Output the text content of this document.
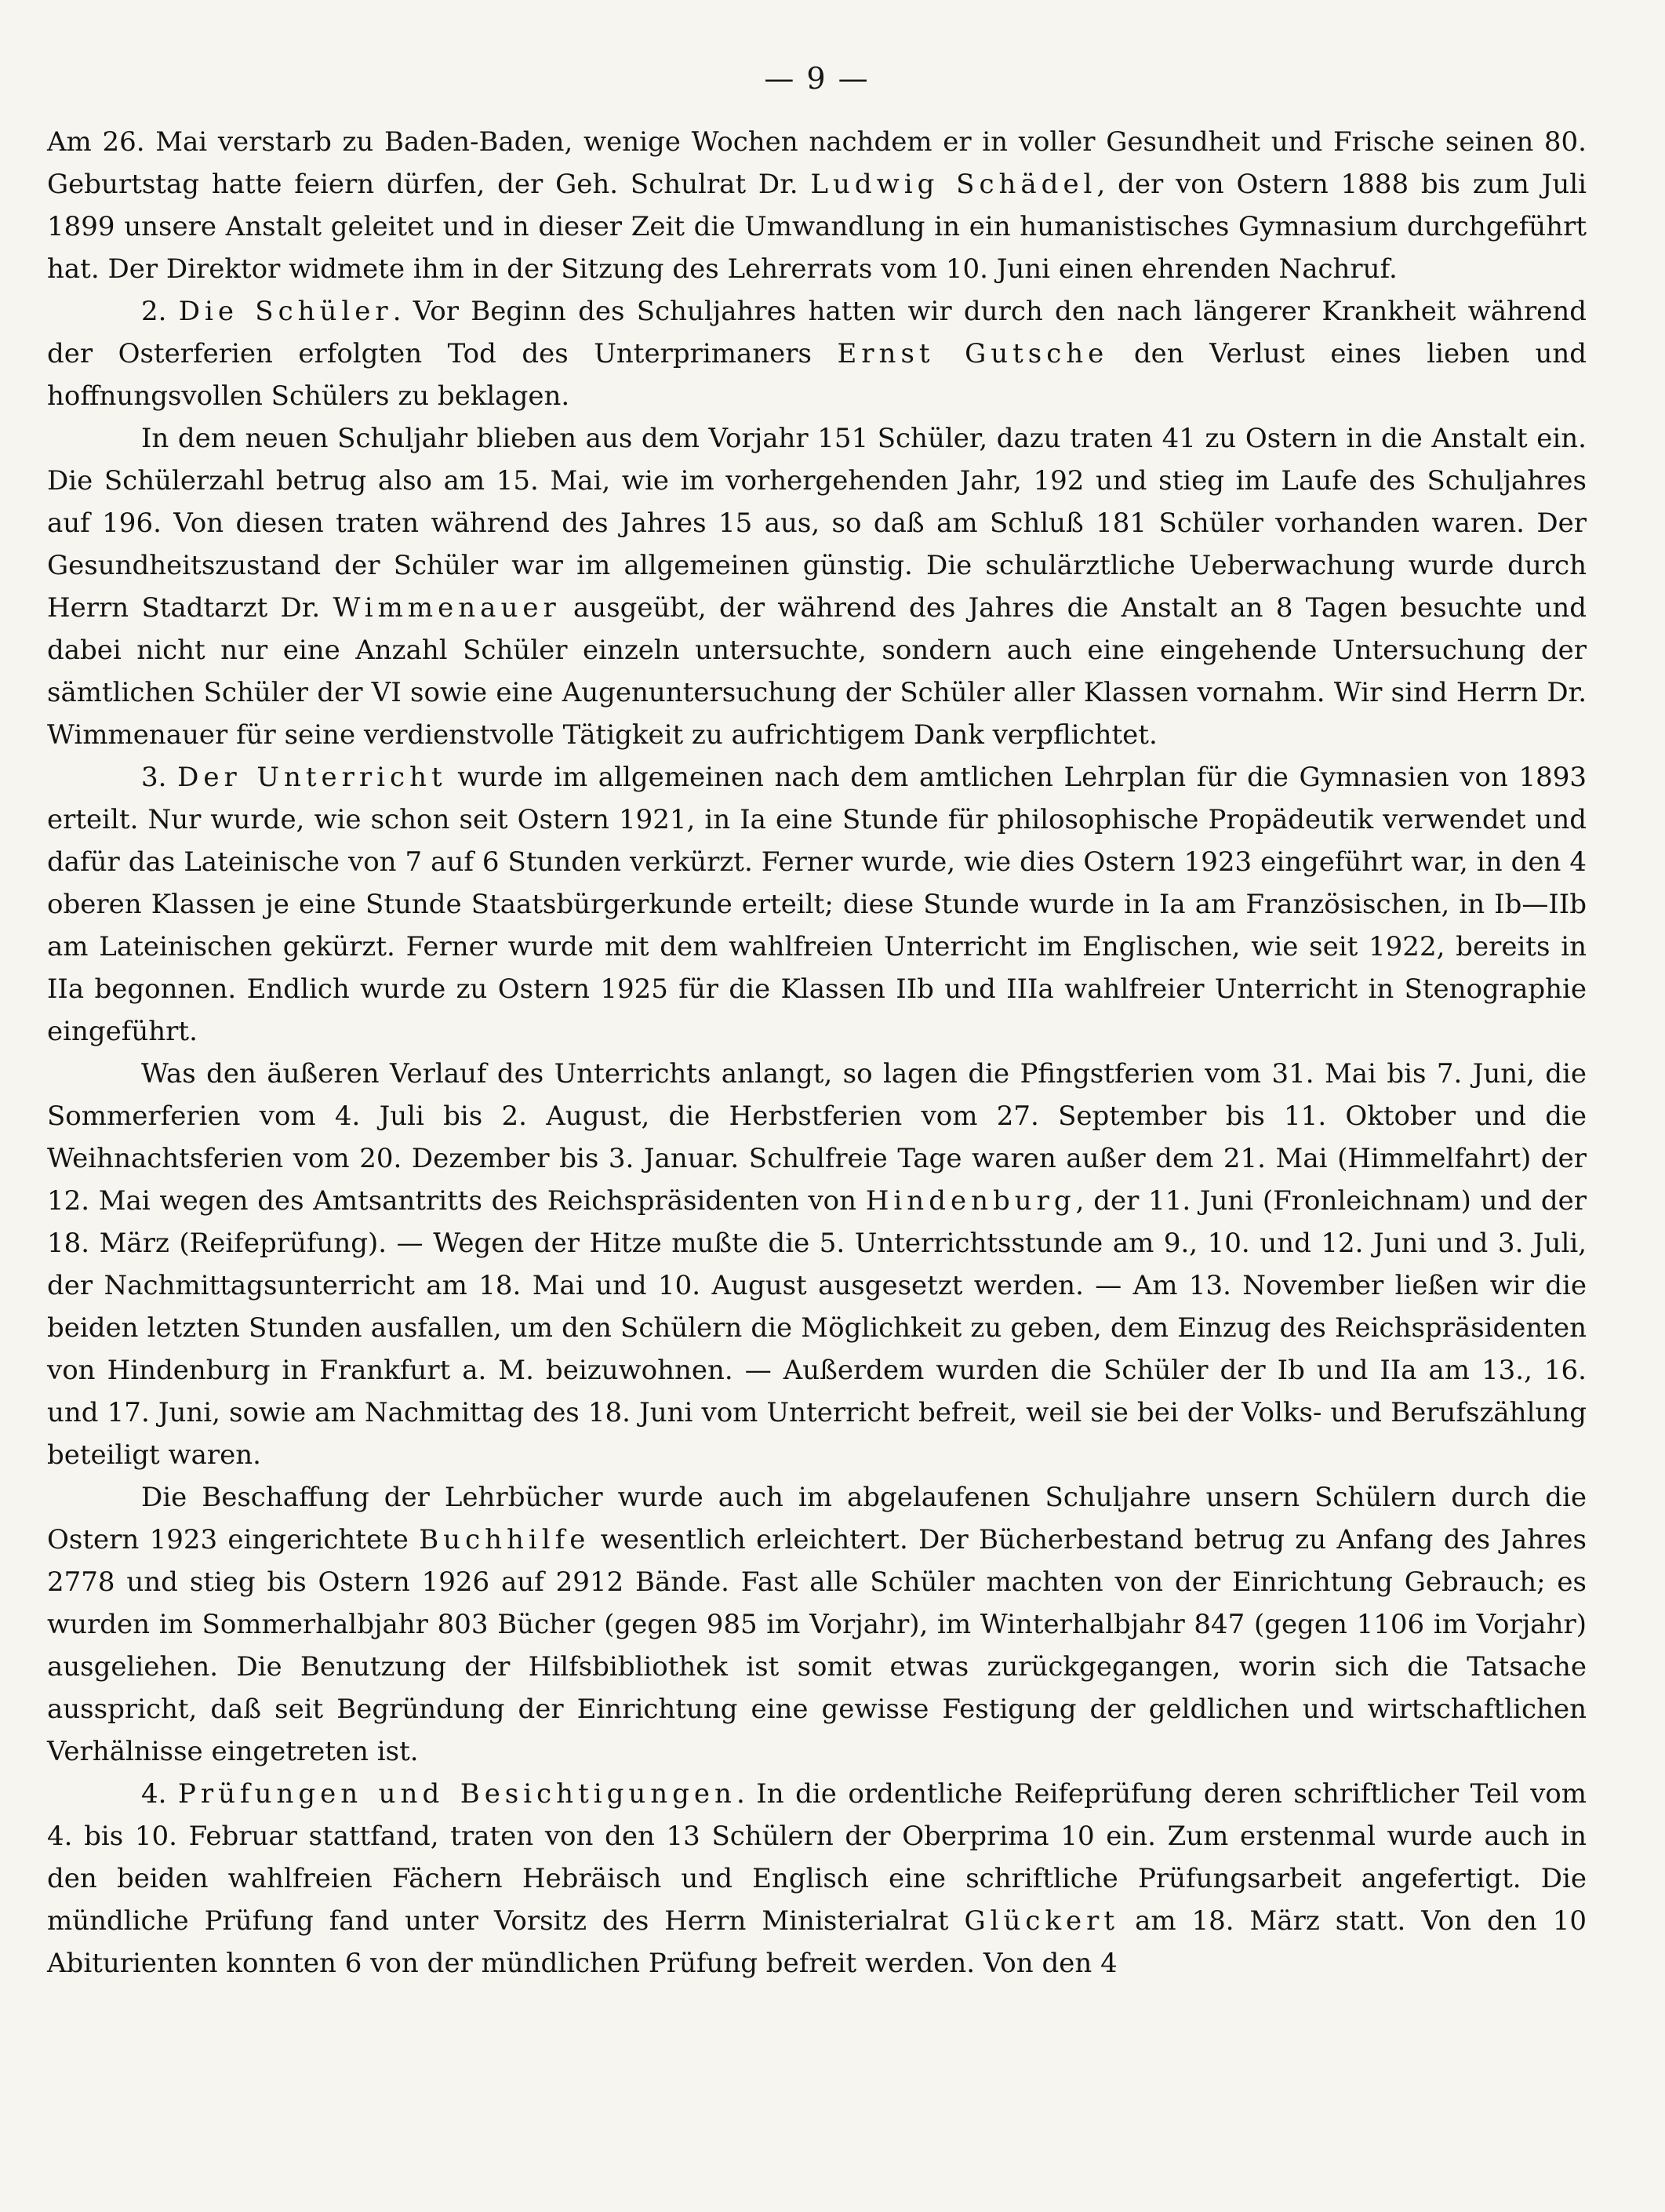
— 9 —

Am 26. Mai verstarb zu Baden-Baden, wenige Wochen nachdem er in voller Gesundheit und Frische seinen 80. Geburtstag hatte feiern dürfen, der Geh. Schulrat Dr. Ludwig Schädel, der von Ostern 1888 bis zum Juli 1899 unsere Anstalt geleitet und in dieser Zeit die Umwandlung in ein humanistisches Gymnasium durchgeführt hat. Der Direktor widmete ihm in der Sitzung des Lehrerrats vom 10. Juni einen ehrenden Nachruf.

2. Die Schüler. Vor Beginn des Schuljahres hatten wir durch den nach längerer Krankheit während der Osterferien erfolgten Tod des Unterprimaners Ernst Gutsche den Verlust eines lieben und hoffnungsvollen Schülers zu beklagen.

In dem neuen Schuljahr blieben aus dem Vorjahr 151 Schüler, dazu traten 41 zu Ostern in die Anstalt ein. Die Schülerzahl betrug also am 15. Mai, wie im vorhergehenden Jahr, 192 und stieg im Laufe des Schuljahres auf 196. Von diesen traten während des Jahres 15 aus, so daß am Schluß 181 Schüler vorhanden waren. Der Gesundheitszustand der Schüler war im allgemeinen günstig. Die schulärztliche Ueberwachung wurde durch Herrn Stadtarzt Dr. Wimmenauer ausgeübt, der während des Jahres die Anstalt an 8 Tagen besuchte und dabei nicht nur eine Anzahl Schüler einzeln untersuchte, sondern auch eine eingehende Untersuchung der sämtlichen Schüler der VI sowie eine Augenuntersuchung der Schüler aller Klassen vornahm. Wir sind Herrn Dr. Wimmenauer für seine verdienstvolle Tätigkeit zu aufrichtigem Dank verpflichtet.

3. Der Unterricht wurde im allgemeinen nach dem amtlichen Lehrplan für die Gymnasien von 1893 erteilt. Nur wurde, wie schon seit Ostern 1921, in Ia eine Stunde für philosophische Propädeutik verwendet und dafür das Lateinische von 7 auf 6 Stunden verkürzt. Ferner wurde, wie dies Ostern 1923 eingeführt war, in den 4 oberen Klassen je eine Stunde Staatsbürgerkunde erteilt; diese Stunde wurde in Ia am Französischen, in Ib—IIb am Lateinischen gekürzt. Ferner wurde mit dem wahlfreien Unterricht im Englischen, wie seit 1922, bereits in IIa begonnen. Endlich wurde zu Ostern 1925 für die Klassen IIb und IIIa wahlfreier Unterricht in Stenographie eingeführt.

Was den äußeren Verlauf des Unterrichts anlangt, so lagen die Pfingstferien vom 31. Mai bis 7. Juni, die Sommerferien vom 4. Juli bis 2. August, die Herbstferien vom 27. September bis 11. Oktober und die Weihnachtsferien vom 20. Dezember bis 3. Januar. Schulfreie Tage waren außer dem 21. Mai (Himmelfahrt) der 12. Mai wegen des Amtsantritts des Reichspräsidenten von Hindenburg, der 11. Juni (Fronleichnam) und der 18. März (Reifeprüfung). — Wegen der Hitze mußte die 5. Unterrichtsstunde am 9., 10. und 12. Juni und 3. Juli, der Nachmittagsunterricht am 18. Mai und 10. August ausgesetzt werden. — Am 13. November ließen wir die beiden letzten Stunden ausfallen, um den Schülern die Möglichkeit zu geben, dem Einzug des Reichspräsidenten von Hindenburg in Frankfurt a. M. beizuwohnen. — Außerdem wurden die Schüler der Ib und IIa am 13., 16. und 17. Juni, sowie am Nachmittag des 18. Juni vom Unterricht befreit, weil sie bei der Volks- und Berufszählung beteiligt waren.

Die Beschaffung der Lehrbücher wurde auch im abgelaufenen Schuljahre unsern Schülern durch die Ostern 1923 eingerichtete Buchhilfe wesentlich erleichtert. Der Bücherbestand betrug zu Anfang des Jahres 2778 und stieg bis Ostern 1926 auf 2912 Bände. Fast alle Schüler machten von der Einrichtung Gebrauch; es wurden im Sommerhalbjahr 803 Bücher (gegen 985 im Vorjahr), im Winterhalbjahr 847 (gegen 1106 im Vorjahr) ausgeliehen. Die Benutzung der Hilfsbibliothek ist somit etwas zurückgegangen, worin sich die Tatsache ausspricht, daß seit Begründung der Einrichtung eine gewisse Festigung der geldlichen und wirtschaftlichen Verhälnisse eingetreten ist.

4. Prüfungen und Besichtigungen. In die ordentliche Reifeprüfung deren schriftlicher Teil vom 4. bis 10. Februar stattfand, traten von den 13 Schülern der Oberprima 10 ein. Zum erstenmal wurde auch in den beiden wahlfreien Fächern Hebräisch und Englisch eine schriftliche Prüfungsarbeit angefertigt. Die mündliche Prüfung fand unter Vorsitz des Herrn Ministerialrat Glückert am 18. März statt. Von den 10 Abiturienten konnten 6 von der mündlichen Prüfung befreit werden. Von den 4
